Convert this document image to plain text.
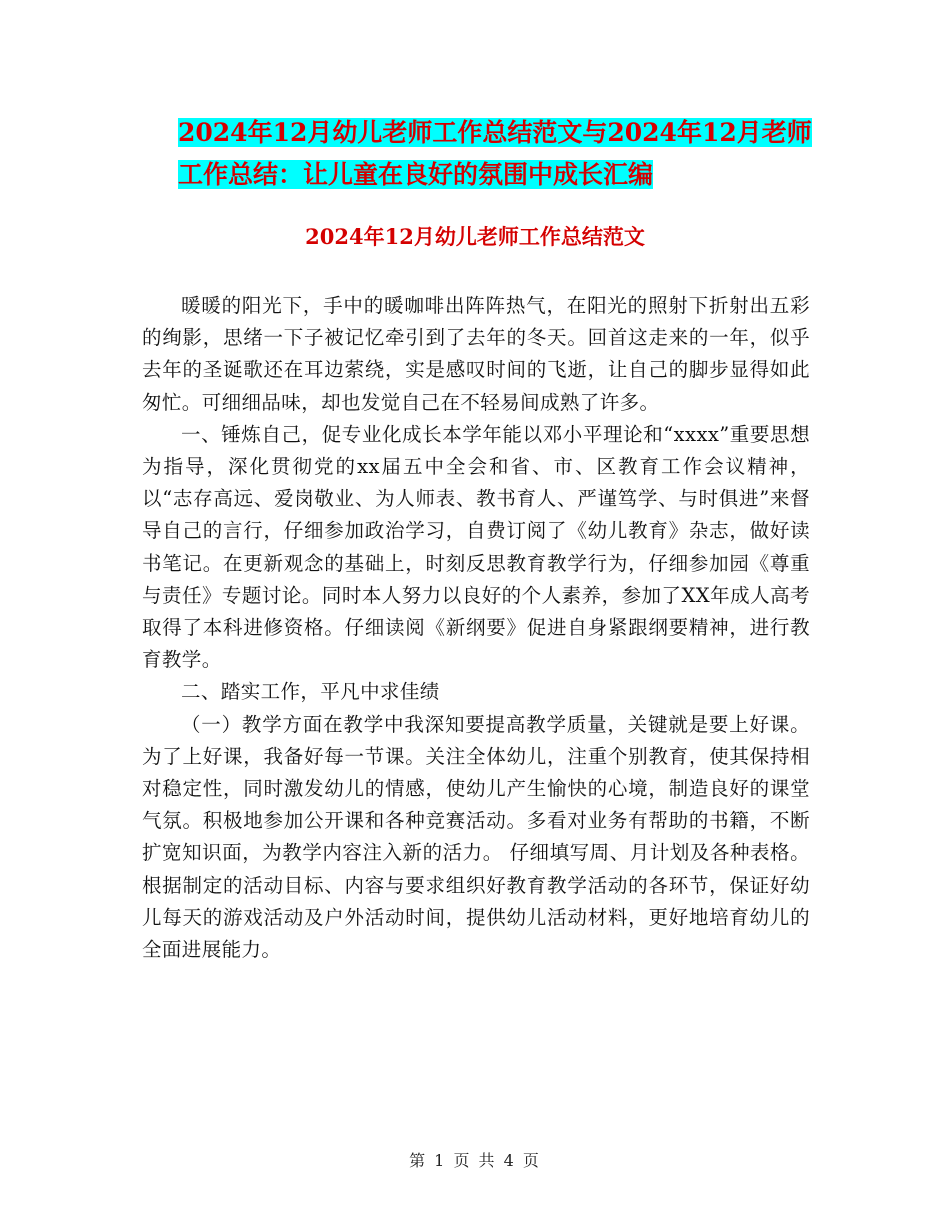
2024年12月幼儿老师工作总结范文与2024年12月老师工作总结：让儿童在良好的氛围中成长汇编
2024年12月幼儿老师工作总结范文

暖暖的阳光下，手中的暖咖啡出阵阵热气，在阳光的照射下折射出五彩的绚影，思绪一下子被记忆牵引到了去年的冬天。回首这走来的一年，似乎去年的圣诞歌还在耳边萦绕，实是感叹时间的飞逝，让自己的脚步显得如此匆忙。可细细品味，却也发觉自己在不轻易间成熟了许多。

一、锤炼自己，促专业化成长本学年能以邓小平理论和“xxxx”重要思想为指导，深化贯彻党的xx届五中全会和省、市、区教育工作会议精神，以“志存高远、爱岗敬业、为人师表、教书育人、严谨笃学、与时俱进”来督导自己的言行，仔细参加政治学习，自费订阅了《幼儿教育》杂志，做好读书笔记。在更新观念的基础上，时刻反思教育教学行为，仔细参加园《尊重与责任》专题讨论。同时本人努力以良好的个人素养，参加了XX年成人高考取得了本科进修资格。仔细读阅《新纲要》促进自身紧跟纲要精神，进行教育教学。

二、踏实工作，平凡中求佳绩

（一）教学方面在教学中我深知要提高教学质量，关键就是要上好课。为了上好课，我备好每一节课。关注全体幼儿，注重个别教育，使其保持相对稳定性，同时激发幼儿的情感，使幼儿产生愉快的心境，制造良好的课堂气氛。积极地参加公开课和各种竞赛活动。多看对业务有帮助的书籍，不断扩宽知识面，为教学内容注入新的活力。 仔细填写周、月计划及各种表格。根据制定的活动目标、内容与要求组织好教育教学活动的各环节，保证好幼儿每天的游戏活动及户外活动时间，提供幼儿活动材料，更好地培育幼儿的全面进展能力。

第 1 页 共 4 页
